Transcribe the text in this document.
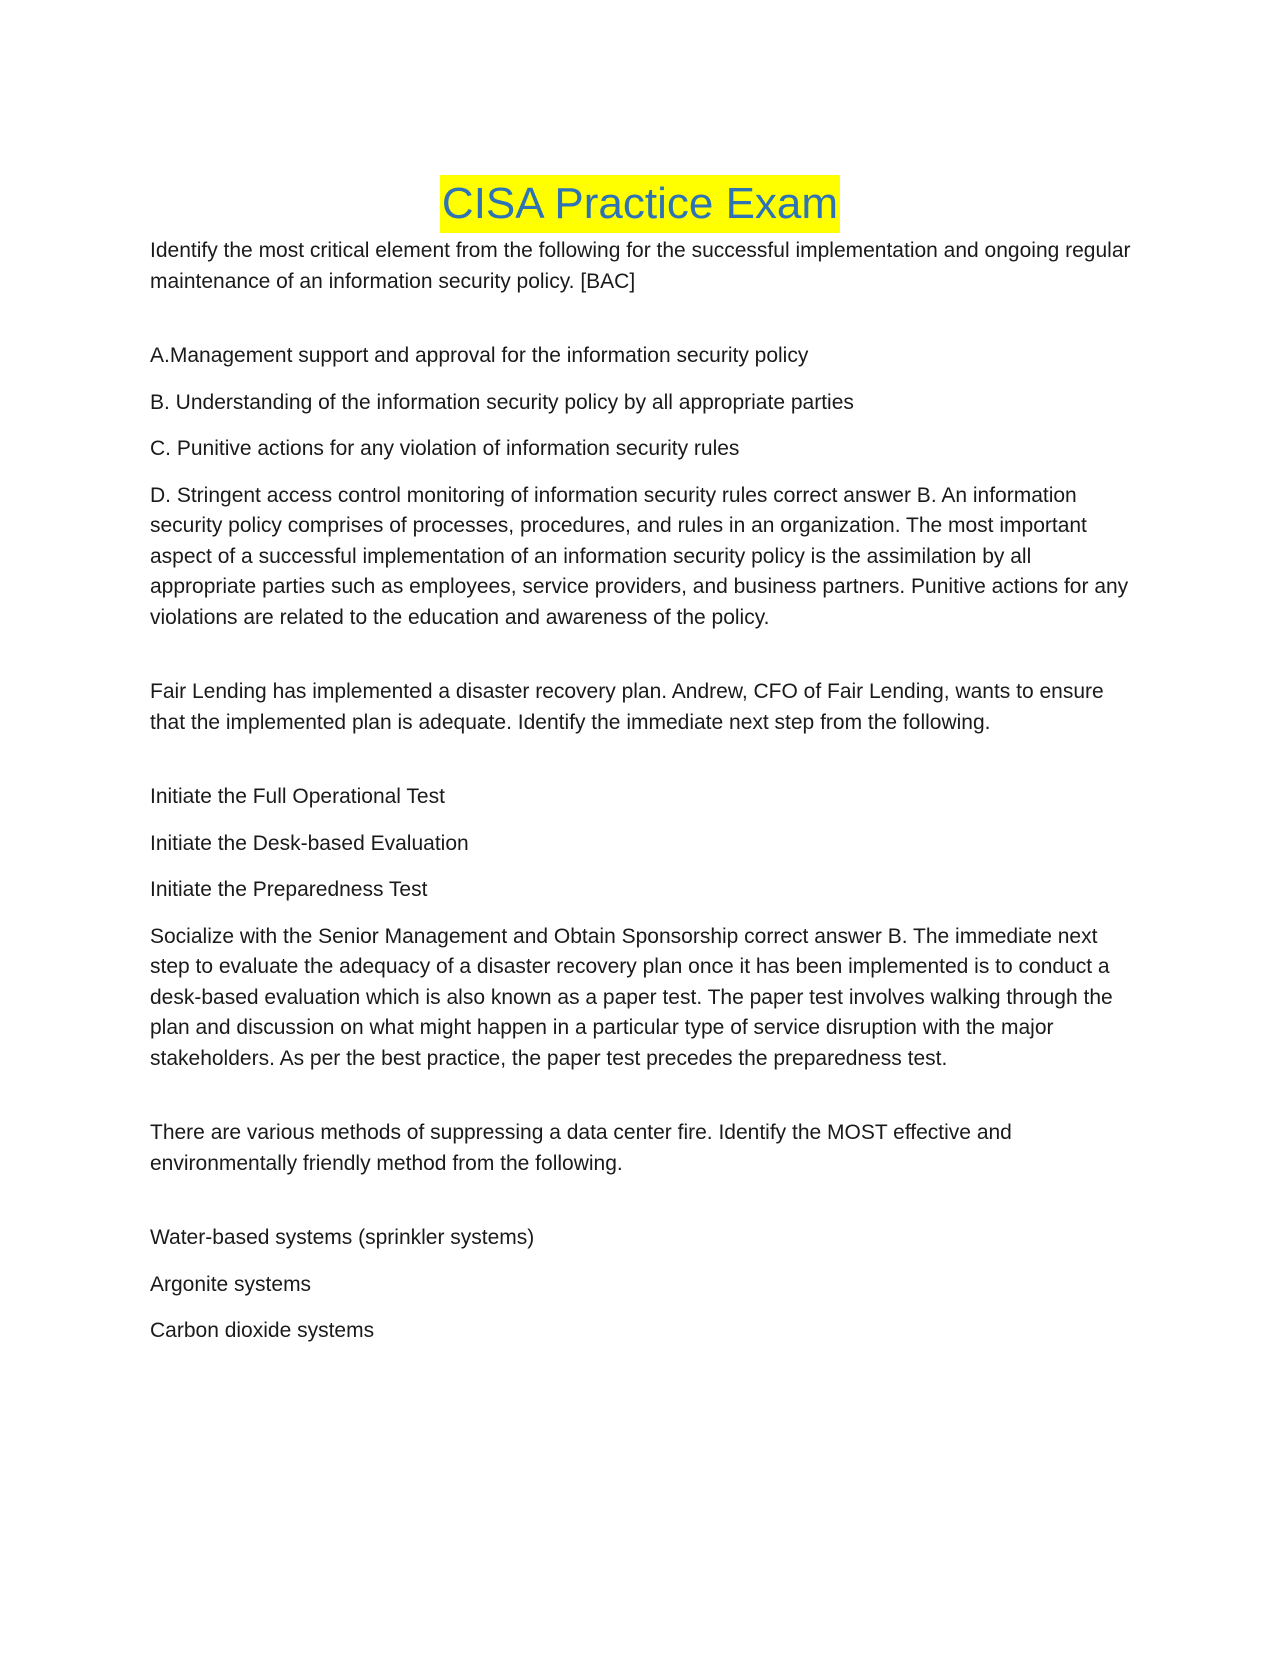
CISA Practice Exam

Identify the most critical element from the following for the successful implementation and ongoing regular maintenance of an information security policy. [BAC]

A.Management support and approval for the information security policy

B. Understanding of the information security policy by all appropriate parties

C. Punitive actions for any violation of information security rules

D. Stringent access control monitoring of information security rules correct answer B. An information security policy comprises of processes, procedures, and rules in an organization. The most important aspect of a successful implementation of an information security policy is the assimilation by all appropriate parties such as employees, service providers, and business partners. Punitive actions for any violations are related to the education and awareness of the policy.

Fair Lending has implemented a disaster recovery plan. Andrew, CFO of Fair Lending, wants to ensure that the implemented plan is adequate. Identify the immediate next step from the following.

Initiate the Full Operational Test

Initiate the Desk-based Evaluation

Initiate the Preparedness Test

Socialize with the Senior Management and Obtain Sponsorship correct answer B. The immediate next step to evaluate the adequacy of a disaster recovery plan once it has been implemented is to conduct a desk-based evaluation which is also known as a paper test. The paper test involves walking through the plan and discussion on what might happen in a particular type of service disruption with the major stakeholders. As per the best practice, the paper test precedes the preparedness test.

There are various methods of suppressing a data center fire. Identify the MOST effective and environmentally friendly method from the following.

Water-based systems (sprinkler systems)

Argonite systems

Carbon dioxide systems
